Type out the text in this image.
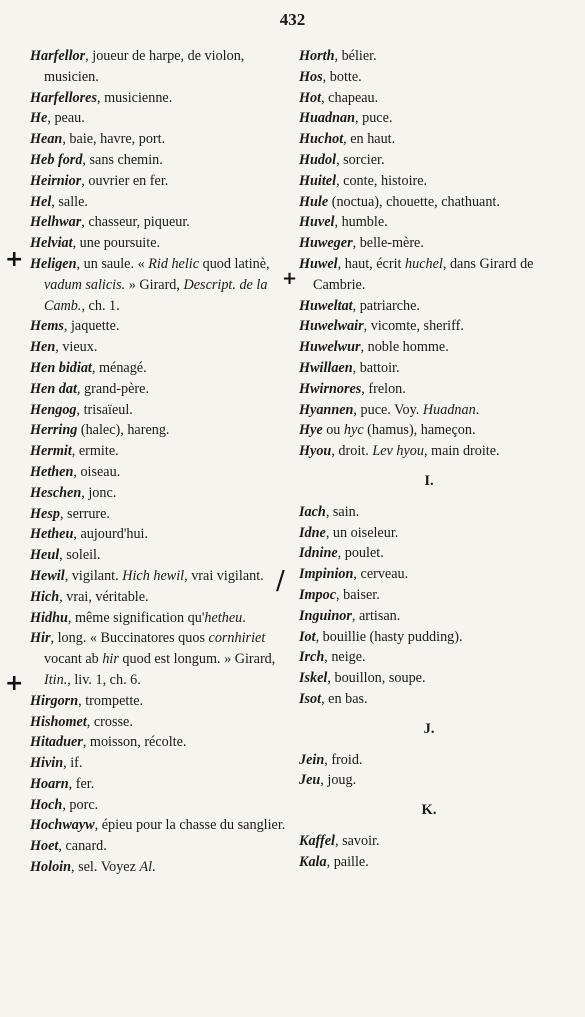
432
Harfellor, joueur de harpe, de violon, musicien.
Harfellores, musicienne.
He, peau.
Hean, baie, havre, port.
Heb ford, sans chemin.
Heirnior, ouvrier en fer.
Hel, salle.
Helhwar, chasseur, piqueur.
Helviat, une poursuite.
Heligen, un saule. « Rid helic quod latinè, vadum salicis. » Girard, Descript. de la Camb., ch. 1.
Hems, jaquette.
Hen, vieux.
Hen bidiat, ménagé.
Hen dat, grand-père.
Hengog, trisaïeul.
Herring (halec), hareng.
Hermit, ermite.
Hethen, oiseau.
Heschen, jonc.
Hesp, serrure.
Hetheu, aujourd'hui.
Heul, soleil.
Hewil, vigilant. Hich hewil, vrai vigilant.
Hich, vrai, véritable.
Hidhu, même signification qu'hetheu.
Hir, long. « Buccinatores quos cornhiriet vocant ab hir quod est longum. » Girard, Itin., liv. 1, ch. 6.
Hirgorn, trompette.
Hishomet, crosse.
Hitaduer, moisson, récolte.
Hivin, if.
Hoarn, fer.
Hoch, porc.
Hochwayw, épieu pour la chasse du sanglier.
Hoet, canard.
Holoin, sel. Voyez Al.
Horth, bélier.
Hos, botte.
Hot, chapeau.
Huadnan, puce.
Huchot, en haut.
Hudol, sorcier.
Huitel, conte, histoire.
Hule (noctua), chouette, chathuant.
Huvel, humble.
Huweger, belle-mère.
Huwel, haut, écrit huchel, dans Girard de Cambrie.
Huweltat, patriarche.
Huwelwair, vicomte, sheriff.
Huwelwur, noble homme.
Hwillaen, battoir.
Hwirnores, frelon.
Hyannen, puce. Voy. Huadnan.
Hye ou hyc (hamus), hameçon.
Hyou, droit. Lev hyou, main droite.
I.
Iach, sain.
Idne, un oiseleur.
Idnine, poulet.
Impinion, cerveau.
Impoc, baiser.
Inguinor, artisan.
Iot, bouillie (hasty pudding).
Irch, neige.
Iskel, bouillon, soupe.
Isot, en bas.
J.
Jein, froid.
Jeu, joug.
K.
Kaffel, savoir.
Kala, paille.
+
+
+
/
